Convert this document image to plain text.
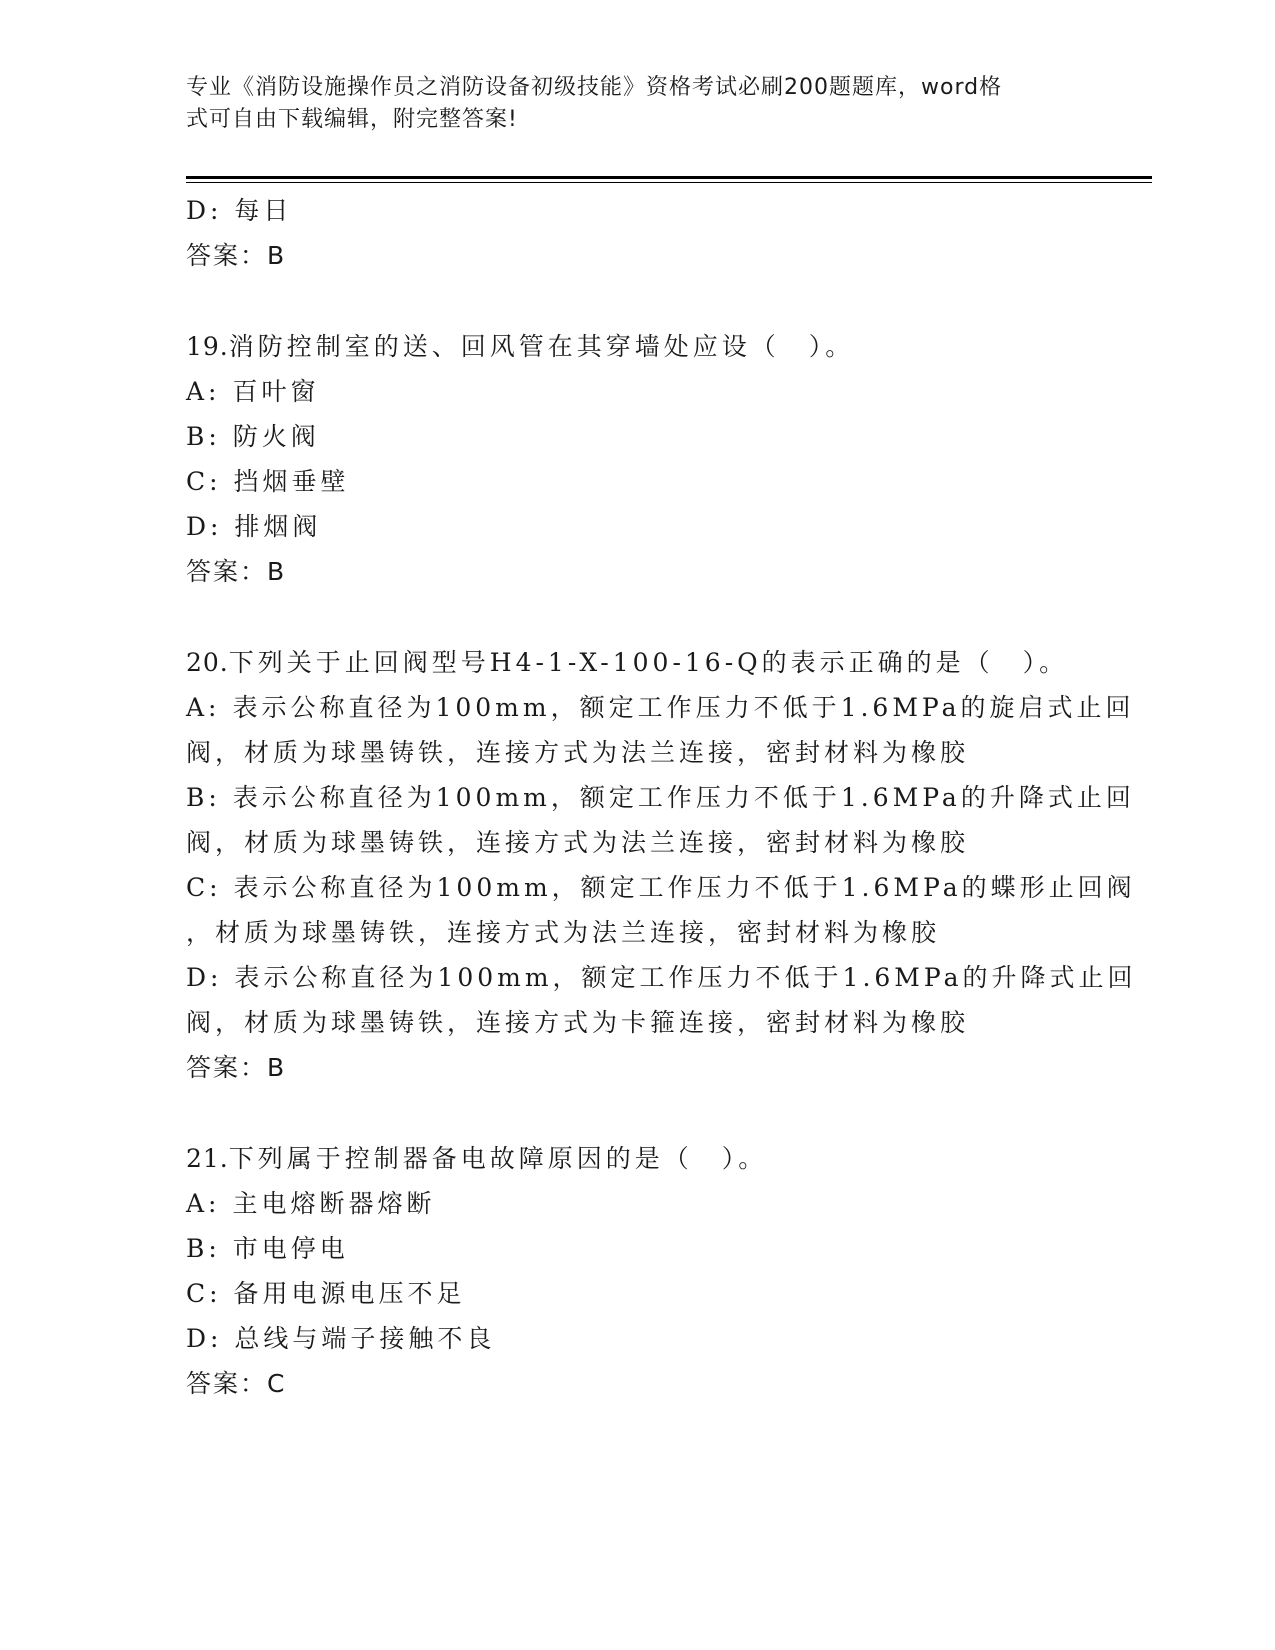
专业《消防设施操作员之消防设备初级技能》资格考试必刷200题题库，word格
式可自由下载编辑，附完整答案!
D: 每日
答案：B
19.消防控制室的送、回风管在其穿墙处应设（　）。
A: 百叶窗
B: 防火阀
C: 挡烟垂壁
D: 排烟阀
答案：B
20.下列关于止回阀型号H4-1-X-100-16-Q的表示正确的是（　）。
A: 表示公称直径为100mm，额定工作压力不低于1.6MPa的旋启式止回
阀，材质为球墨铸铁，连接方式为法兰连接，密封材料为橡胶
B: 表示公称直径为100mm，额定工作压力不低于1.6MPa的升降式止回
阀，材质为球墨铸铁，连接方式为法兰连接，密封材料为橡胶
C: 表示公称直径为100mm，额定工作压力不低于1.6MPa的蝶形止回阀
，材质为球墨铸铁，连接方式为法兰连接，密封材料为橡胶
D: 表示公称直径为100mm，额定工作压力不低于1.6MPa的升降式止回
阀，材质为球墨铸铁，连接方式为卡箍连接，密封材料为橡胶
答案：B
21.下列属于控制器备电故障原因的是（　）。
A: 主电熔断器熔断
B: 市电停电
C: 备用电源电压不足
D: 总线与端子接触不良
答案：C
